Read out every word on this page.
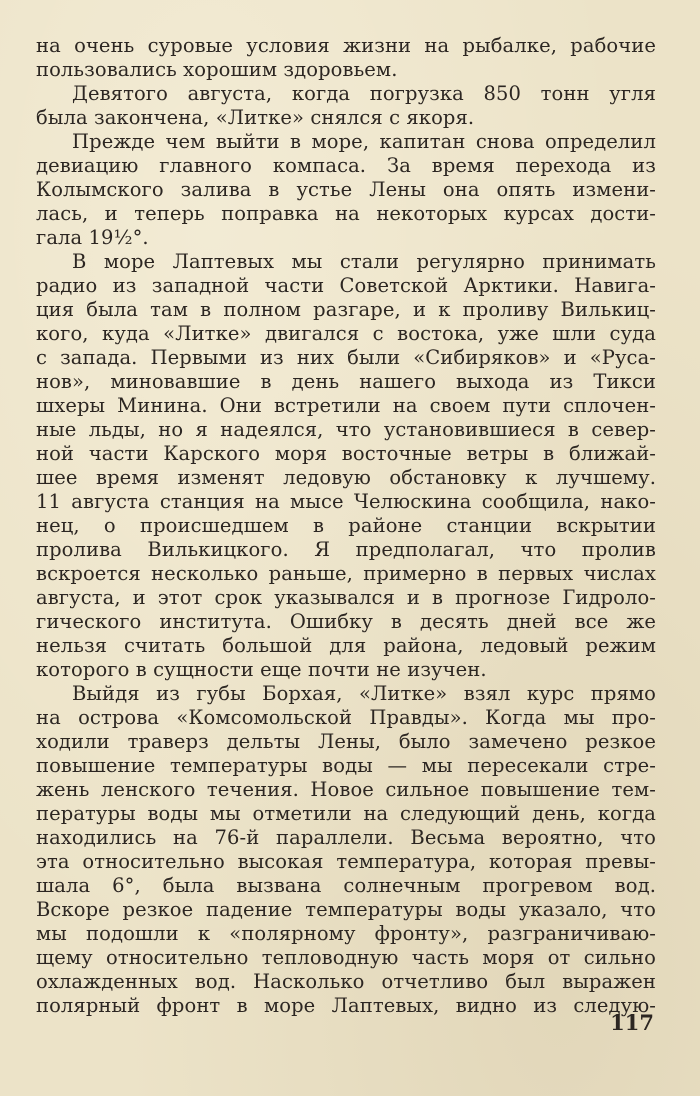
на очень суровые условия жизни на рыбалке, рабочие
пользовались хорошим здоровьем.
Девятого августа, когда погрузка 850 тонн угля
была закончена, «Литке» снялся с якоря.
Прежде чем выйти в море, капитан снова определил
девиацию главного компаса. За время перехода из
Колымского залива в устье Лены она опять измени-
лась, и теперь поправка на некоторых курсах дости-
гала 19½°.
В море Лаптевых мы стали регулярно принимать
радио из западной части Советской Арктики. Навига-
ция была там в полном разгаре, и к проливу Вилькиц-
кого, куда «Литке» двигался с востока, уже шли суда
с запада. Первыми из них были «Сибиряков» и «Руса-
нов», миновавшие в день нашего выхода из Тикси
шхеры Минина. Они встретили на своем пути сплочен-
ные льды, но я надеялся, что установившиеся в север-
ной части Карского моря восточные ветры в ближай-
шее время изменят ледовую обстановку к лучшему.
11 августа станция на мысе Челюскина сообщила, нако-
нец, о происшедшем в районе станции вскрытии
пролива Вилькицкого. Я предполагал, что пролив
вскроется несколько раньше, примерно в первых числах
августа, и этот срок указывался и в прогнозе Гидроло-
гического института. Ошибку в десять дней все же
нельзя считать большой для района, ледовый режим
которого в сущности еще почти не изучен.
Выйдя из губы Борхая, «Литке» взял курс прямо
на острова «Комсомольской Правды». Когда мы про-
ходили траверз дельты Лены, было замечено резкое
повышение температуры воды — мы пересекали стре-
жень ленского течения. Новое сильное повышение тем-
пературы воды мы отметили на следующий день, когда
находились на 76-й параллели. Весьма вероятно, что
эта относительно высокая температура, которая превы-
шала 6°, была вызвана солнечным прогревом вод.
Вскоре резкое падение температуры воды указало, что
мы подошли к «полярному фронту», разграничиваю-
щему относительно тепловодную часть моря от сильно
охлажденных вод. Насколько отчетливо был выражен
полярный фронт в море Лаптевых, видно из следую-
117
